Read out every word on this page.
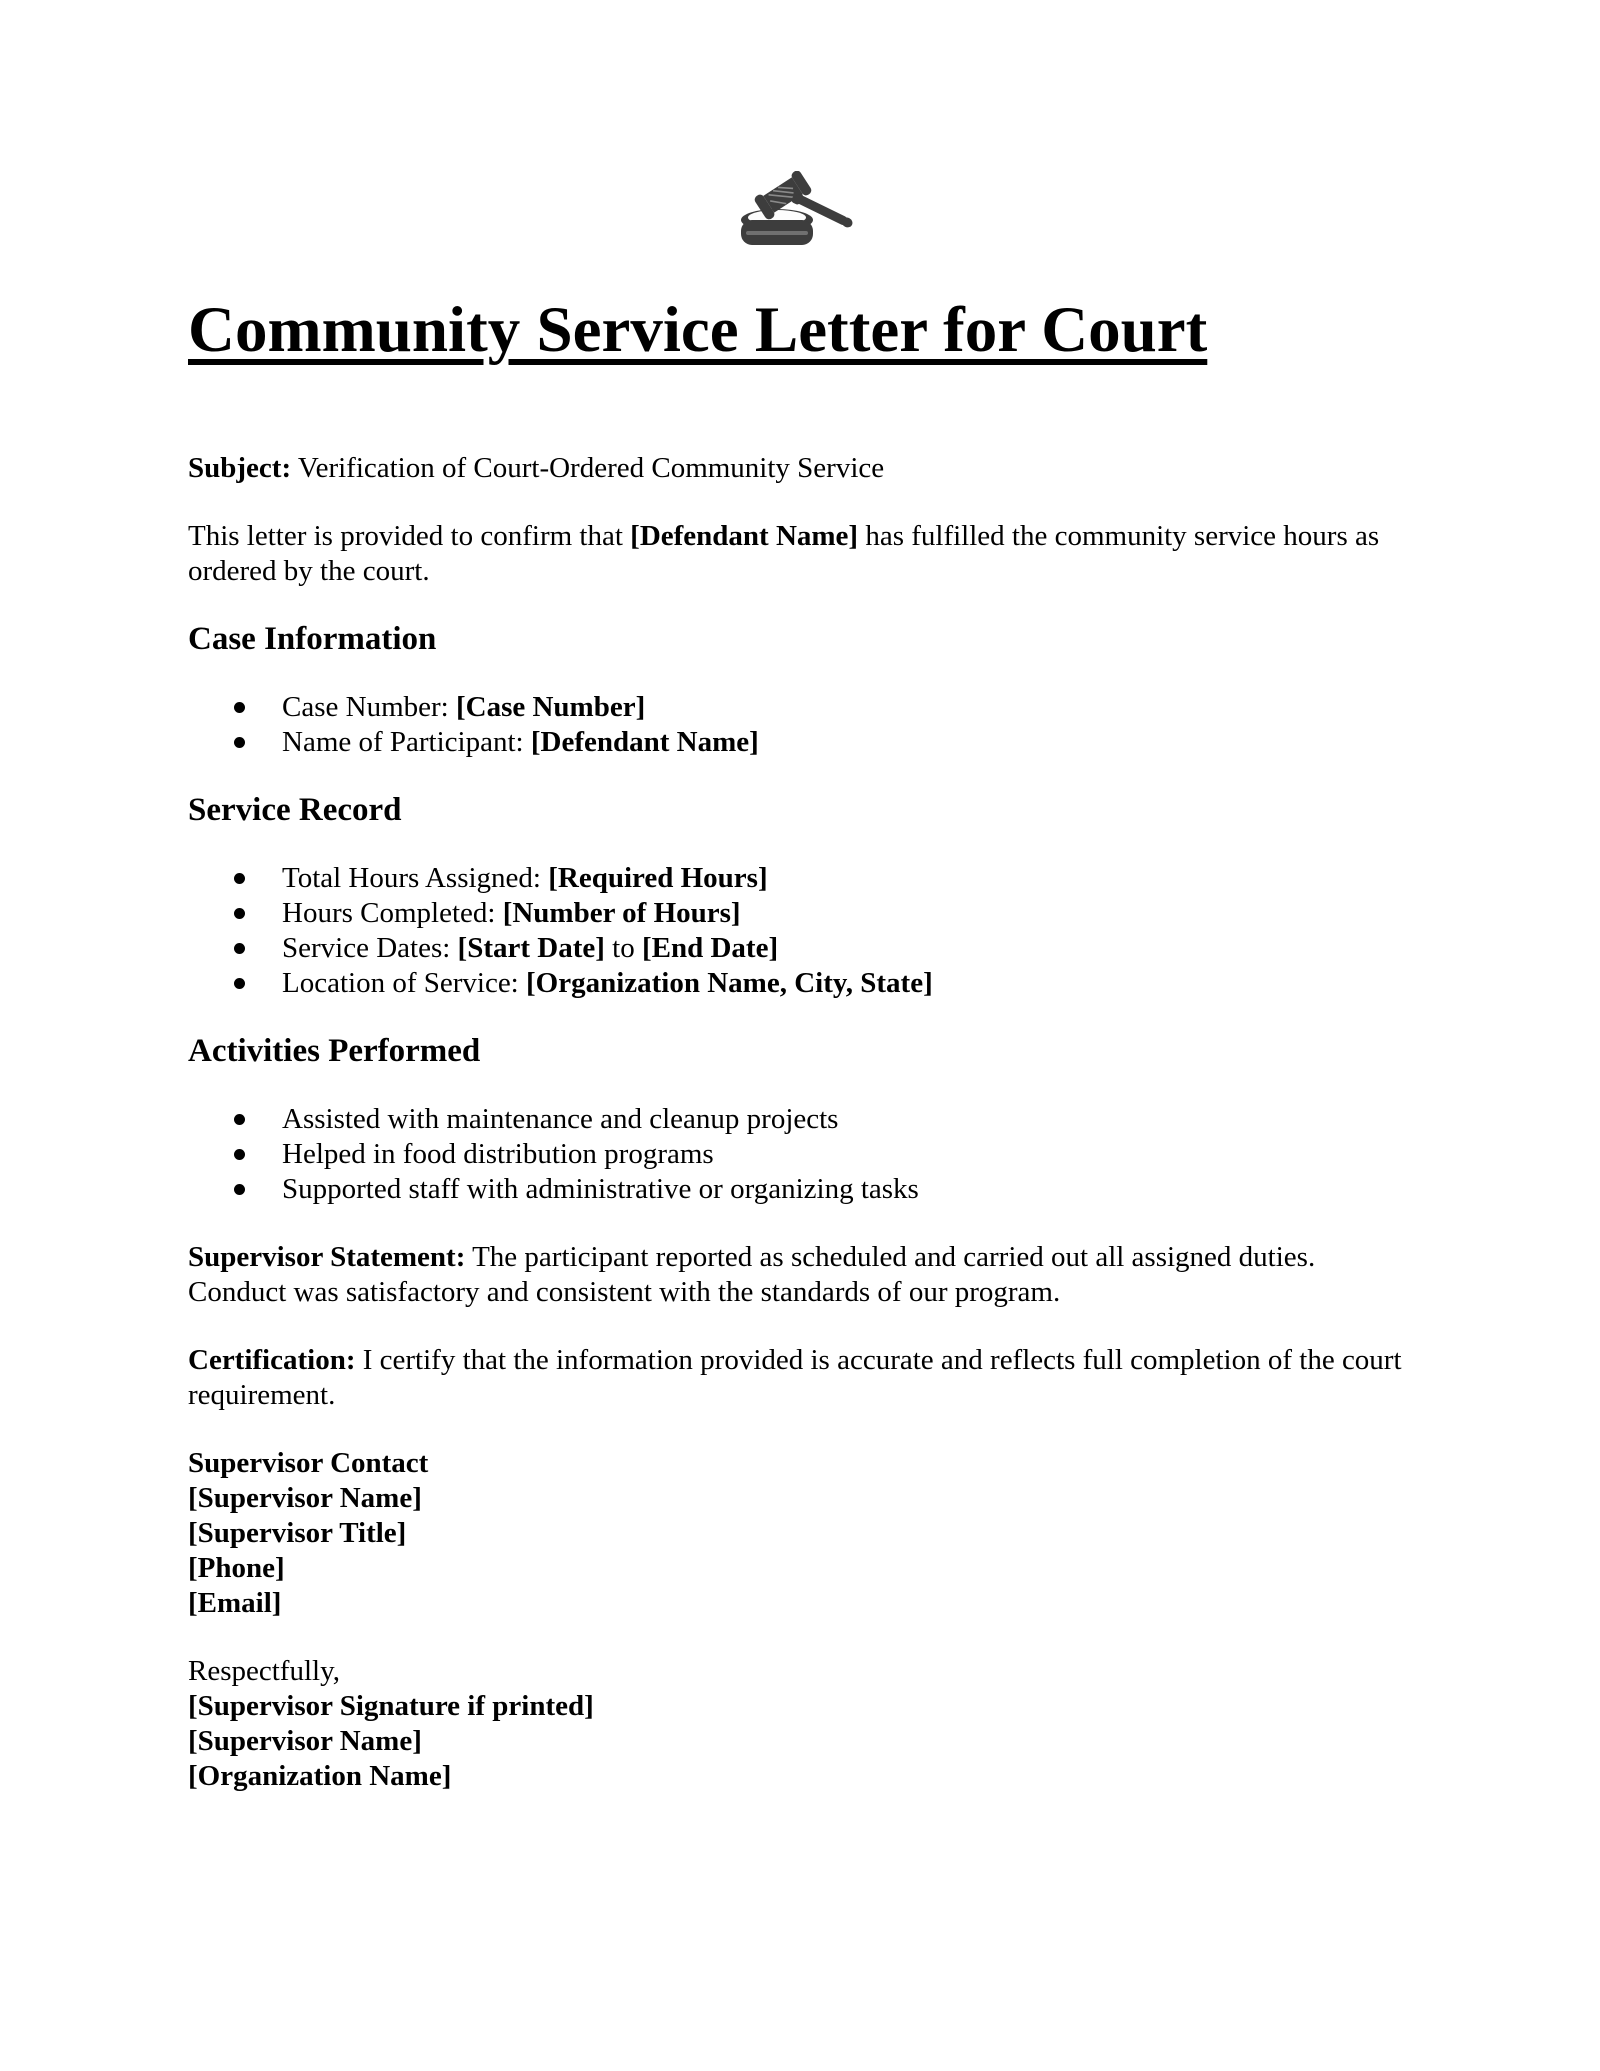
Community Service Letter for Court

Subject: Verification of Court-Ordered Community Service

This letter is provided to confirm that [Defendant Name] has fulfilled the community service hours as ordered by the court.

Case Information
Case Number: [Case Number]
Name of Participant: [Defendant Name]
Service Record
Total Hours Assigned: [Required Hours]
Hours Completed: [Number of Hours]
Service Dates: [Start Date] to [End Date]
Location of Service: [Organization Name, City, State]
Activities Performed
Assisted with maintenance and cleanup projects
Helped in food distribution programs
Supported staff with administrative or organizing tasks

Supervisor Statement: The participant reported as scheduled and carried out all assigned duties. Conduct was satisfactory and consistent with the standards of our program.

Certification: I certify that the information provided is accurate and reflects full completion of the court requirement.

Supervisor Contact
[Supervisor Name]
[Supervisor Title]
[Phone]
[Email]

Respectfully,
[Supervisor Signature if printed]
[Supervisor Name]
[Organization Name]
